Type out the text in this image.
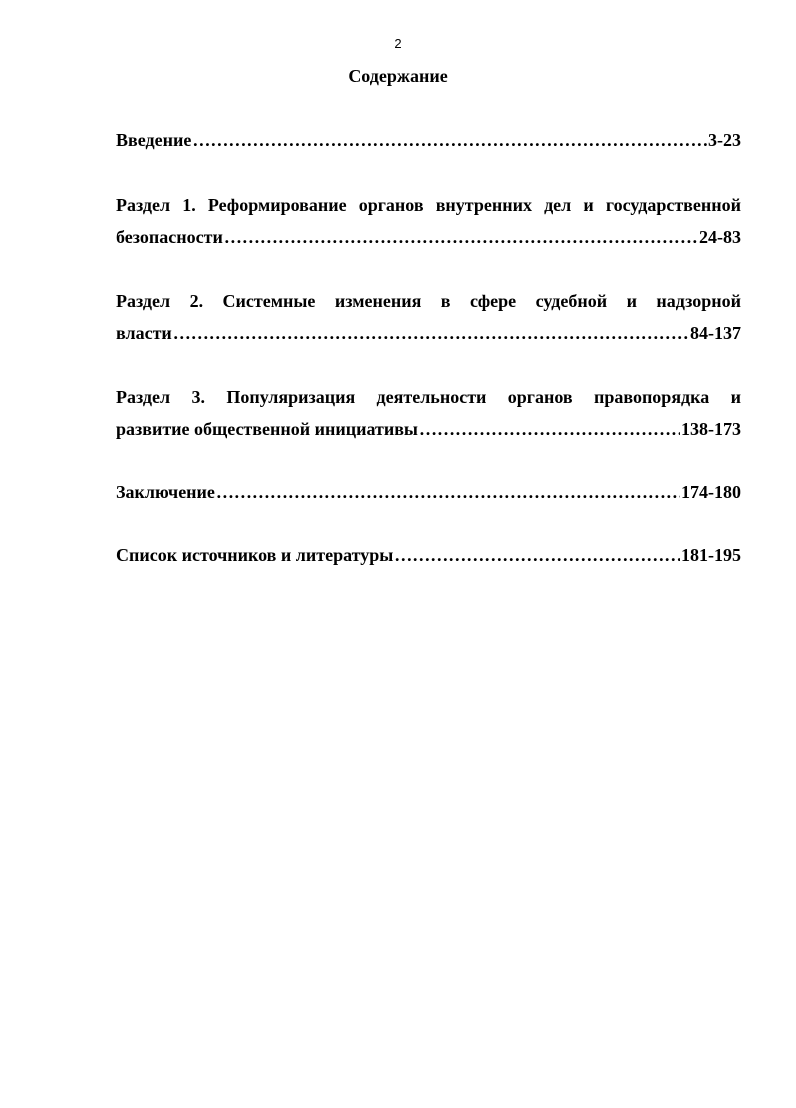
2
Содержание
Введение ………………………………………………………………………………………………………………………………………………………………………………………	3-23
Раздел 1. Реформирование органов внутренних дел и государственной
безопасности ………………………………………………………………………………………………………………………………………………………………………………………	24-83
Раздел 2. Системные изменения в сфере судебной и надзорной
власти ………………………………………………………………………………………………………………………………………………………………………………………	84-137
Раздел 3. Популяризация деятельности органов правопорядка и
развитие общественной инициативы ………………………………………………………………………………………………………………………………………………………………………………………	138-173
Заключение ………………………………………………………………………………………………………………………………………………………………………………………	174-180
Список источников и литературы ………………………………………………………………………………………………………………………………………………………………………………………	181-195
